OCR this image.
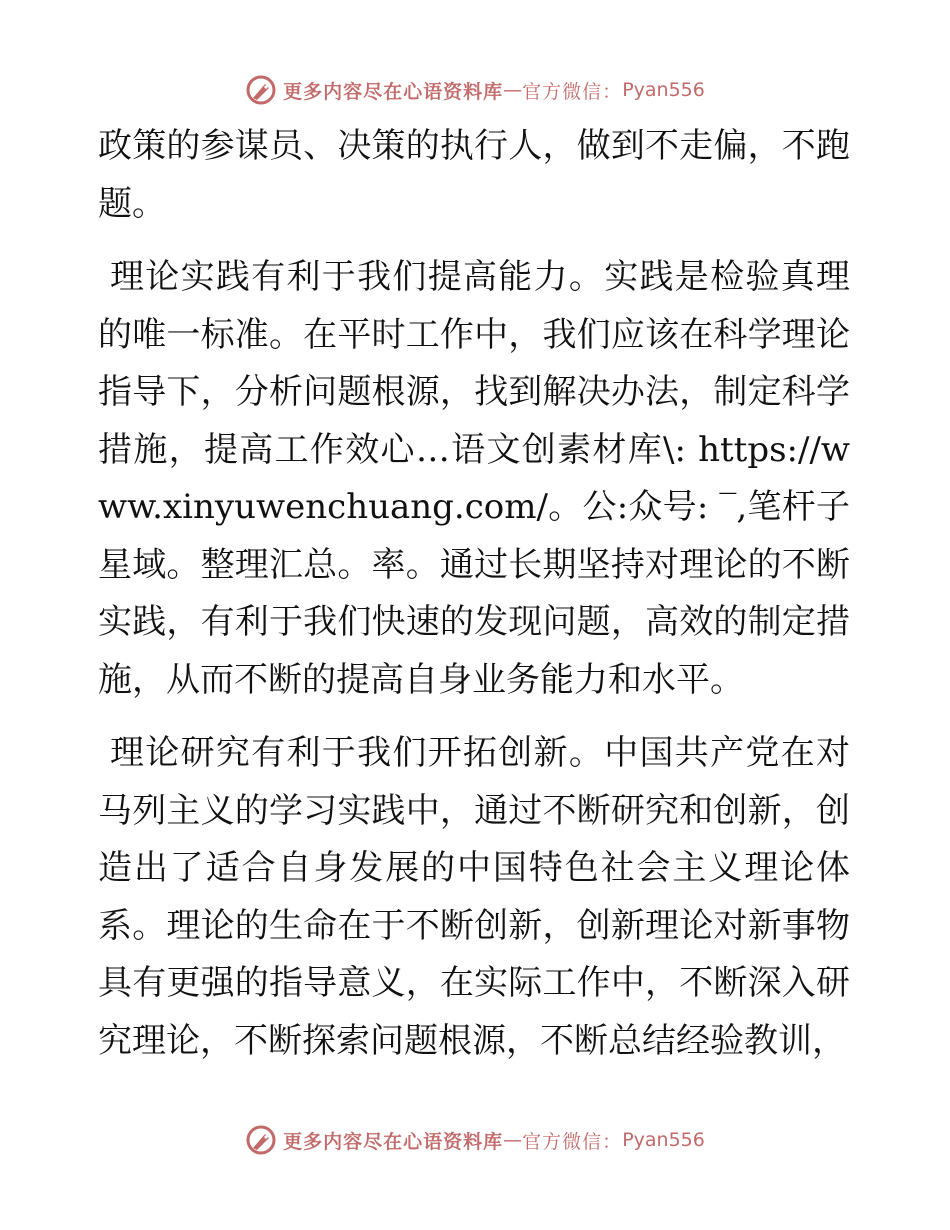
更多内容尽在心语资料库 — 官方微信： Pyan556

政策的参谋员、决策的执行人，做到不走偏，不跑题。

理论实践有利于我们提高能力。实践是检验真理的唯一标准。在平时工作中，我们应该在科学理论指导下，分析问题根源，找到解决办法，制定科学措施，提高工作效心…语文创素材库\: https://www.xinyuwenchuang.com/。公:众号: ‾,笔杆子星域。整理汇总。率。通过长期坚持对理论的不断实践，有利于我们快速的发现问题，高效的制定措施，从而不断的提高自身业务能力和水平。

理论研究有利于我们开拓创新。中国共产党在对马列主义的学习实践中，通过不断研究和创新，创造出了适合自身发展的中国特色社会主义理论体系。理论的生命在于不断创新，创新理论对新事物具有更强的指导意义，在实际工作中，不断深入研究理论，不断探索问题根源，不断总结经验教训，

更多内容尽在心语资料库 — 官方微信： Pyan556
